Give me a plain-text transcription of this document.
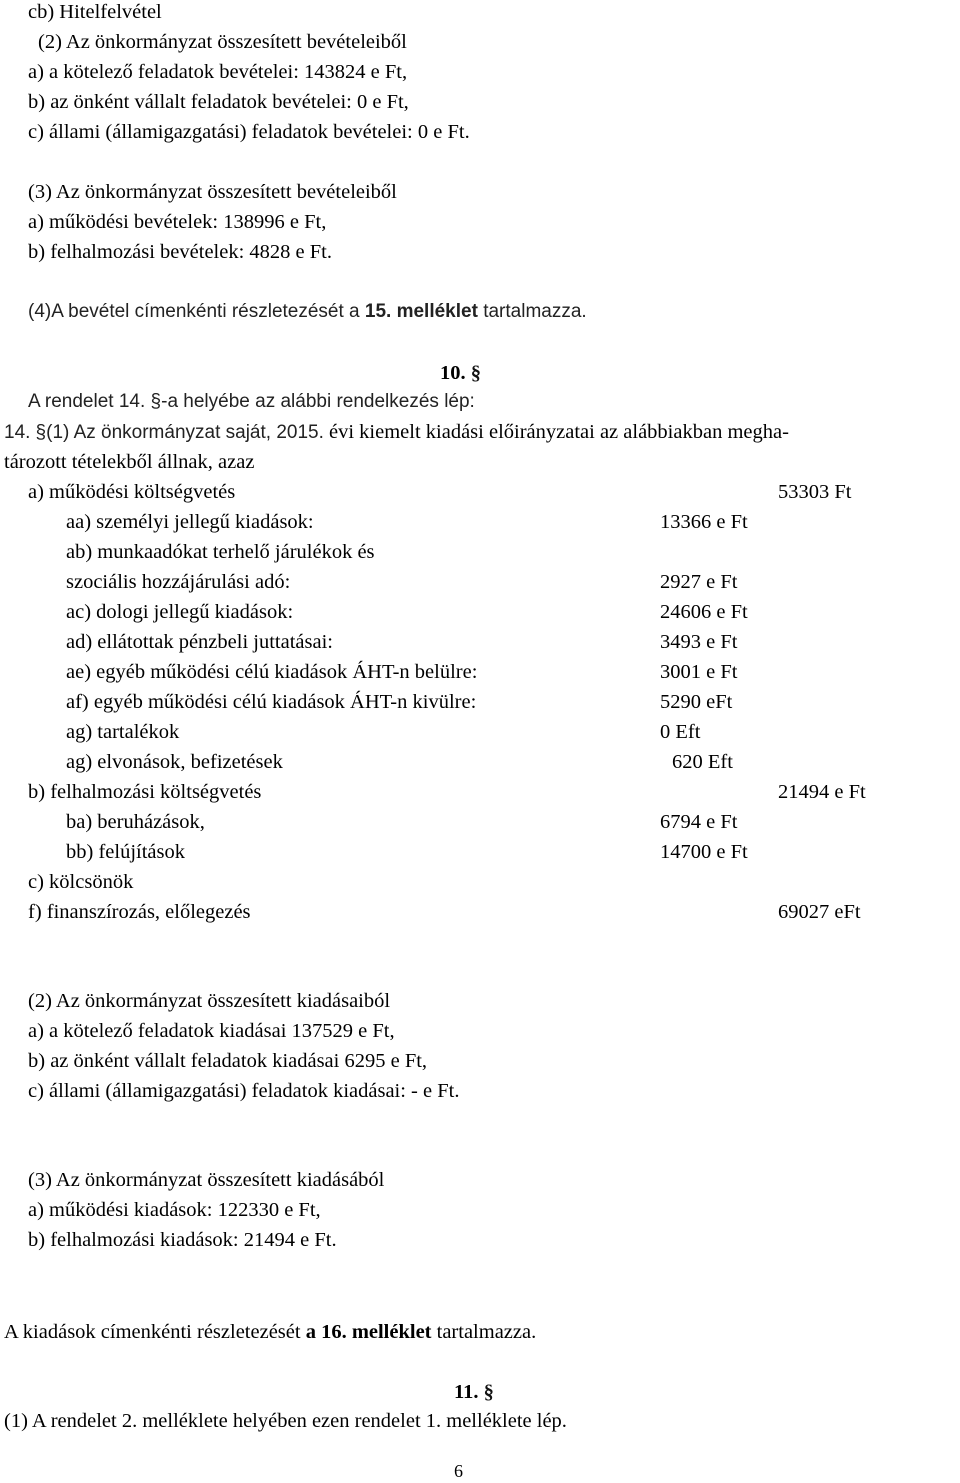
cb) Hitelfelvétel
(2) Az önkormányzat összesített bevételeiből
a) a kötelező feladatok bevételei: 143824 e Ft,
b) az önként vállalt feladatok bevételei: 0 e Ft,
c) állami (államigazgatási) feladatok bevételei: 0 e Ft.
(3) Az önkormányzat összesített bevételeiből
a) működési bevételek: 138996 e Ft,
b) felhalmozási bevételek: 4828 e Ft.
(4)A bevétel címenkénti részletezését a 15. melléklet tartalmazza.
10. §
A rendelet 14. §-a helyébe az alábbi rendelkezés lép:
14. §(1) Az önkormányzat saját, 2015. évi kiemelt kiadási előirányzatai az alábbiakban megha-
tározott tételekből állnak, azaz
a) működési költségvetés	53303 Ft
aa) személyi jellegű kiadások:	13366 e Ft
ab) munkaadókat terhelő járulékok és
szociális hozzájárulási adó:	2927 e Ft
ac) dologi jellegű kiadások:	24606 e Ft
ad) ellátottak pénzbeli juttatásai:	3493 e Ft
ae) egyéb működési célú kiadások ÁHT-n belülre:	3001 e Ft
af) egyéb működési célú kiadások ÁHT-n kivülre:	5290 eFt
ag) tartalékok	0 Eft
ag) elvonások, befizetések	620 Eft
b) felhalmozási költségvetés	21494 e Ft
ba) beruházások,	6794 e Ft
bb) felújítások	14700 e Ft
c) kölcsönök
f) finanszírozás, előlegezés	69027 eFt
(2) Az önkormányzat összesített kiadásaiból
a) a kötelező feladatok kiadásai 137529 e Ft,
b) az önként vállalt feladatok kiadásai 6295 e Ft,
c) állami (államigazgatási) feladatok kiadásai: - e Ft.
(3) Az önkormányzat összesített kiadásából
a) működési kiadások: 122330 e Ft,
b) felhalmozási kiadások: 21494 e Ft.
A kiadások címenkénti részletezését a 16. melléklet tartalmazza.
11. §
(1) A rendelet 2. melléklete helyében ezen rendelet 1. melléklete lép.
6
